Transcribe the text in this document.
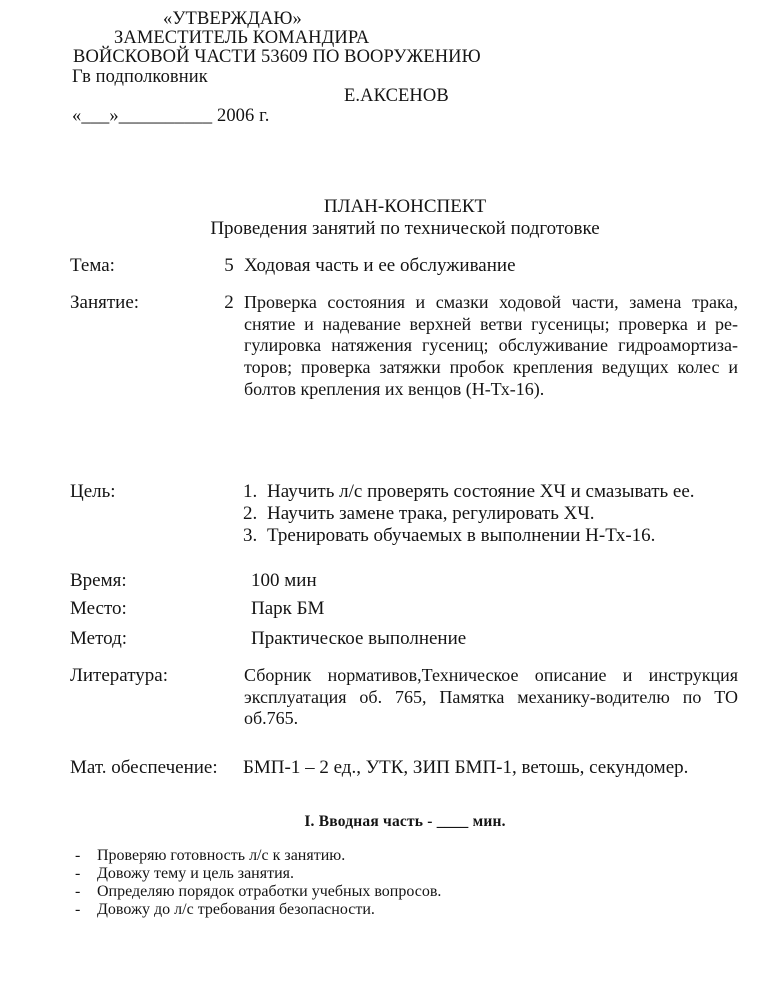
«УТВЕРЖДАЮ»
ЗАМЕСТИТЕЛЬ КОМАНДИРА
ВОЙСКОВОЙ ЧАСТИ 53609 ПО ВООРУЖЕНИЮ
Гв подполковник
Е.АКСЕНОВ
«___»__________ 2006 г.
ПЛАН-КОНСПЕКТ
Проведения занятий по технической подготовке
Тема:	5 Ходовая часть и ее обслуживание
Занятие:	2 Проверка состояния и смазки ходовой части, замена трака,
снятие и надевание верхней ветви гусеницы; проверка и ре-
гулировка натяжения гусениц; обслуживание гидроамортиза-
торов; проверка затяжки пробок крепления ведущих колес и
болтов крепления их венцов (Н-Тх-16).
Цель:	1. Научить л/с проверять состояние ХЧ и смазывать ее.
2. Научить замене трака, регулировать ХЧ.
3. Тренировать обучаемых в выполнении Н-Тх-16.
Время:	100 мин
Место:	Парк БМ
Метод:	Практическое выполнение
Литература:	Сборник нормативов,Техническое описание и инструкция
эксплуатация об. 765, Памятка механику-водителю по ТО
об.765.
Мат. обеспечение: БМП-1 – 2 ед., УТК, ЗИП БМП-1, ветошь, секундомер.
I. Вводная часть - ____ мин.
- Проверяю готовность л/с к занятию.
- Довожу тему и цель занятия.
- Определяю порядок отработки учебных вопросов.
- Довожу до л/с требования безопасности.
